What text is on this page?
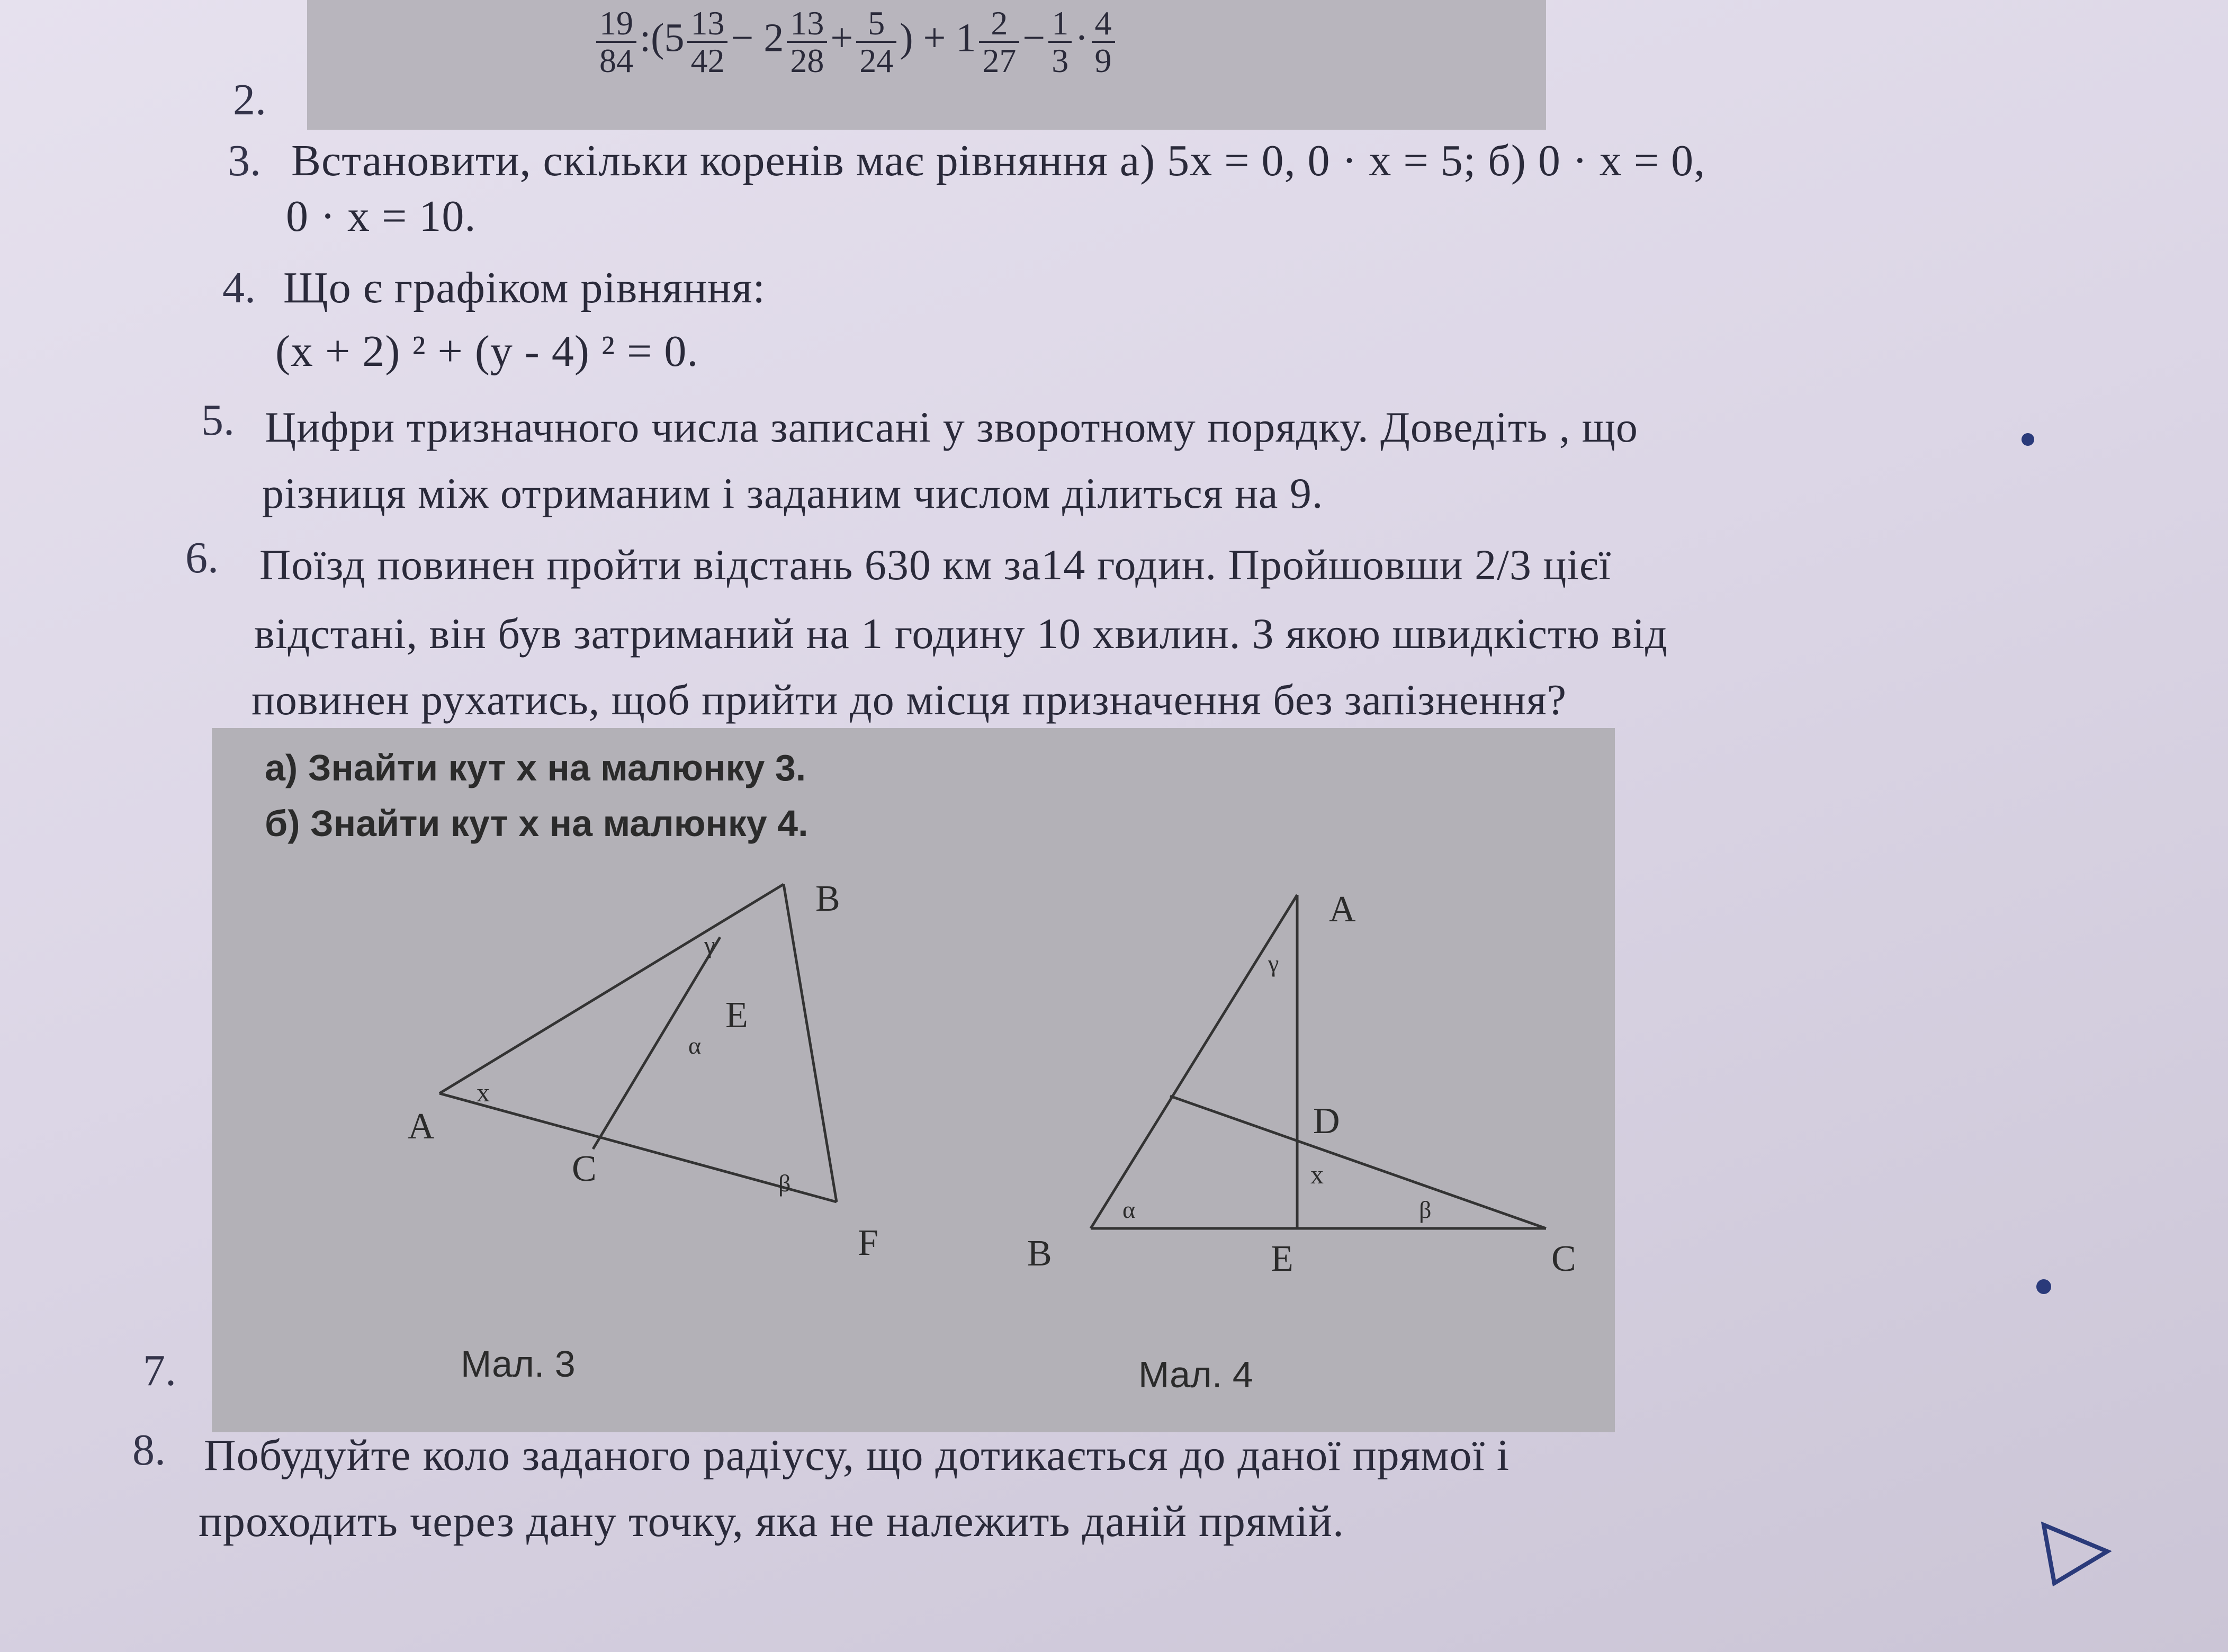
2.
$\frac{19}{84}$ :(5 $\frac{13}{42} - 2 \frac{13}{28} + \frac{5}{24}$ ) + $1 \frac{2}{27} - \frac{1}{3} \cdot \frac{4}{9}$
3. Встановити, скільки коренів має рівняння а) 5x = 0, 0 · x = 5; б) 0 · x = 0,
0 · x = 10.
4. Що є графіком рівняння:
(x + 2) ² + (y - 4) ² = 0.
5. Цифри тризначного числа записані у зворотному порядку. Доведіть , що
різниця між отриманим і заданим числом ділиться на 9.
6. Поїзд повинен пройти відстань 630 км за14 годин. Пройшовши 2/3 цієї
відстані, він був затриманий на 1 годину 10 хвилин. З якою швидкістю від
повинен рухатись, щоб прийти до місця призначення без запізнення?
7.
а) Знайти кут x на малюнку 3.
б) Знайти кут x на малюнку 4.
B
E
A
C
F
γ
α
x
β
Мал. 3
A
D
B	E	C
γ
α
x
β
Мал. 4
8. Побудуйте коло заданого радіусу, що дотикається до даної прямої і
проходить через дану точку, яка не належить даній прямій.
